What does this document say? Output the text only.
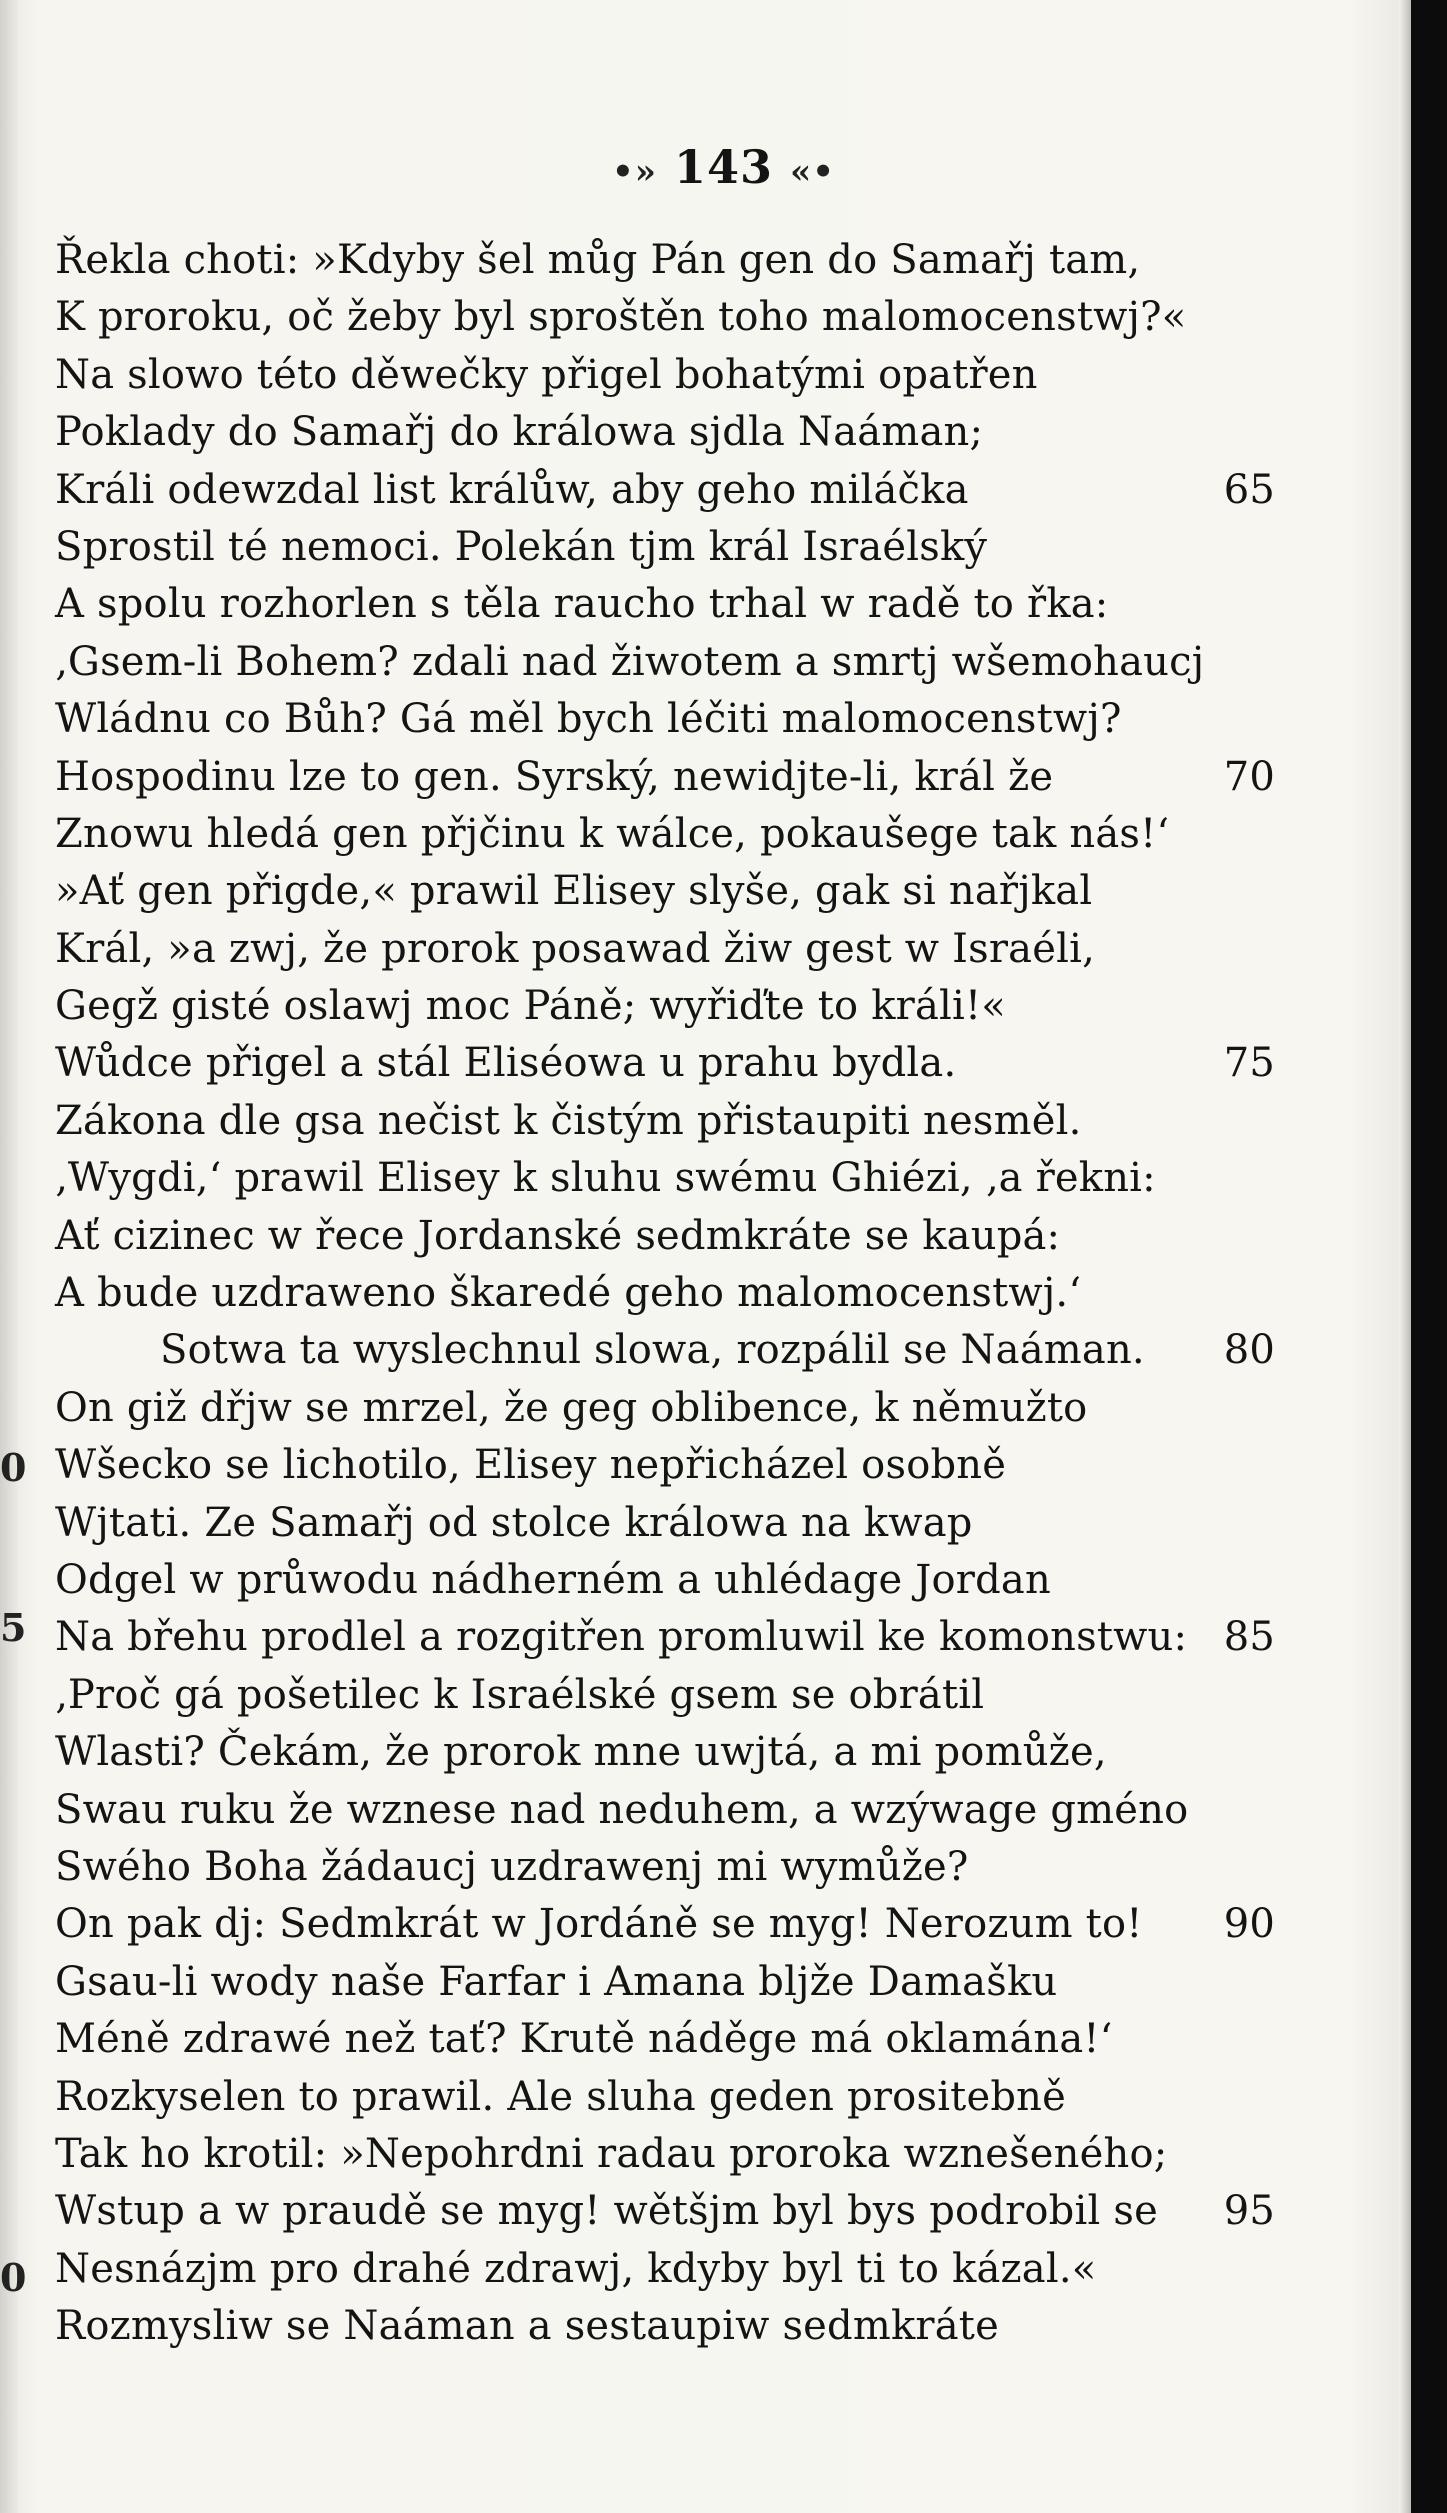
0
5
0
•» 143 «•
Řekla choti: »Kdyby šel můg Pán gen do Samařj tam,
K proroku, oč žeby byl sproštěn toho malomocenstwj?«
Na slowo této děwečky přigel bohatými opatřen
Poklady do Samařj do králowa sjdla Naáman;
Králi odewzdal list králůw, aby geho miláčka	65
Sprostil té nemoci. Polekán tjm král Israélský
A spolu rozhorlen s těla raucho trhal w radě to řka:
‚Gsem-li Bohem? zdali nad žiwotem a smrtj wšemohaucj
Wládnu co Bůh? Gá měl bych léčiti malomocenstwj?
Hospodinu lze to gen. Syrský, newidjte-li, král že	70
Znowu hledá gen přjčinu k wálce, pokaušege tak nás!‘
»Ať gen přigde,« prawil Elisey slyše, gak si nařjkal
Král, »a zwj, že prorok posawad žiw gest w Israéli,
Gegž gisté oslawj moc Páně; wyřiďte to králi!«
Wůdce přigel a stál Eliséowa u prahu bydla.	75
Zákona dle gsa nečist k čistým přistaupiti nesměl.
‚Wygdi,‘ prawil Elisey k sluhu swému Ghiézi, ‚a řekni:
Ať cizinec w řece Jordanské sedmkráte se kaupá:
A bude uzdraweno škaredé geho malomocenstwj.‘
Sotwa ta wyslechnul slowa, rozpálil se Naáman. 80
On giž dřjw se mrzel, že geg oblibence, k němužto
Wšecko se lichotilo, Elisey nepřicházel osobně
Wjtati. Ze Samařj od stolce králowa na kwap
Odgel w průwodu nádherném a uhlédage Jordan
Na břehu prodlel a rozgitřen promluwil ke komonstwu: 85
‚Proč gá pošetilec k Israélské gsem se obrátil
Wlasti? Čekám, že prorok mne uwjtá, a mi pomůže,
Swau ruku že wznese nad neduhem, a wzýwage gméno
Swého Boha žádaucj uzdrawenj mi wymůže?
On pak dj: Sedmkrát w Jordáně se myg! Nerozum to! 90
Gsau-li wody naše Farfar i Amana bljže Damašku
Méně zdrawé než tať? Krutě náděge má oklamána!‘
Rozkyselen to prawil. Ale sluha geden prositebně
Tak ho krotil: »Nepohrdni radau proroka wznešeného;
Wstup a w praudě se myg! wětšjm byl bys podrobil se 95
Nesnázjm pro drahé zdrawj, kdyby byl ti to kázal.«
Rozmysliw se Naáman a sestaupiw sedmkráte
